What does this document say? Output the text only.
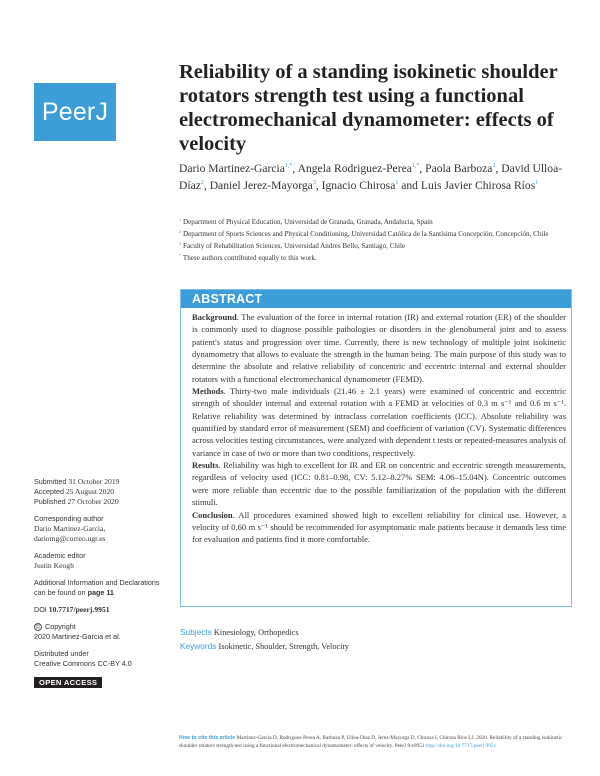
PeerJ
Reliability of a standing isokinetic shoulder rotators strength test using a functional electromechanical dynamometer: effects of velocity
Dario Martinez-Garcia$^{1,*}$, Angela Rodriguez-Perea$^{1,*}$, Paola Barboza$^2$, David Ulloa-Díaz$^2$, Daniel Jerez-Mayorga$^3$, Ignacio Chirosa$^1$ and Luis Javier Chirosa Ríos$^1$
$^1$ Department of Physical Education, Universidad de Granada, Granada, Andalucia, Spain
$^2$ Department of Sports Sciences and Physical Conditioning, Universidad Católica de la Santísima Concepción, Concepción, Chile
$^3$ Faculty of Rehabilitation Sciences, Universidad Andres Bello, Santiago, Chile
* These authors contributed equally to this work.
ABSTRACT

Background. The evaluation of the force in internal rotation (IR) and external rotation (ER) of the shoulder is commonly used to diagnose possible pathologies or disorders in the glenohumeral joint and to assess patient's status and progression over time. Currently, there is new technology of multiple joint isokinetic dynamometry that allows to evaluate the strength in the human being. The main purpose of this study was to determine the absolute and relative reliability of concentric and eccentric internal and external shoulder rotators with a functional electromechanical dynamometer (FEMD).

Methods. Thirty-two male individuals (21.46 ± 2.1 years) were examined of concentric and eccentric strength of shoulder internal and external rotation with a FEMD at velocities of 0.3 m s⁻¹ and 0.6 m s⁻¹. Relative reliability was determined by intraclass correlation coefficients (ICC). Absolute reliability was quantified by standard error of measurement (SEM) and coefficient of variation (CV). Systematic differences across velocities testing circumstances, were analyzed with dependent t tests or repeated-measures analysis of variance in case of two or more than two conditions, respectively.

Results. Reliability was high to excellent for IR and ER on concentric and eccentric strength measurements, regardless of velocity used (ICC: 0.81–0.98, CV: 5.12–8.27% SEM: 4.06–15.04N). Concentric outcomes were more reliable than eccentric due to the possible familiarization of the population with the different stimuli.

Conclusion. All procedures examined showed high to excellent reliability for clinical use. However, a velocity of 0.60 m s⁻¹ should be recommended for asymptomatic male patients because it demands less time for evaluation and patients find it more comfortable.

Subjects Kinesiology, Orthopedics
Keywords Isokinetic, Shoulder, Strength, Velocity
Submitted 31 October 2019
Accepted 25 August 2020
Published 27 October 2020
Corresponding author
Dario Martinez-Garcia,
dariomg@correo.ugr.es
Academic editor
Justin Keogh
Additional Information and Declarations can be found on page 11
DOI 10.7717/peerj.9951
© Copyright
2020 Martinez-Garcia et al.
Distributed under
Creative Commons CC-BY 4.0
OPEN ACCESS
How to cite this article Martinez-Garcia D, Rodriguez-Perea A, Barboza P, Ulloa-Díaz D, Jerez-Mayorga D, Chirosa I, Chirosa Ríos LJ. 2020. Reliability of a standing isokinetic shoulder rotators strength test using a functional electromechanical dynamometer: effects of velocity. PeerJ 8:e9951 http://doi.org/10.7717/peerj.9951
